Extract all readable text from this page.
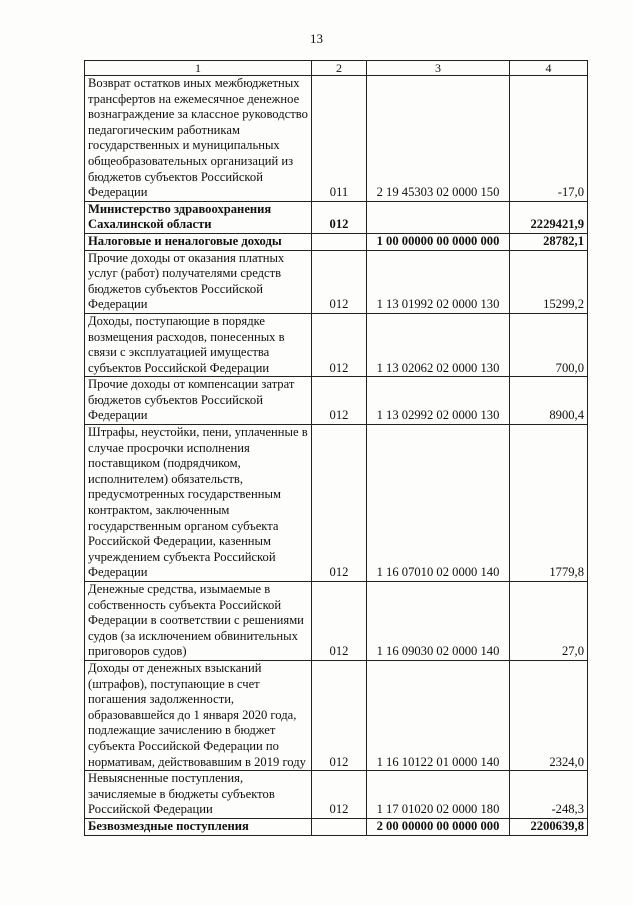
13
1	2	3	4
Возврат остатков иных межбюджетных трансфертов на ежемесячное денежное вознаграждение за классное руководство педагогическим работникам государственных и муниципальных общеобразовательных организаций из бюджетов субъектов Российской Федерации	011	2 19 45303 02 0000 150	-17,0
Министерство здравоохранения Сахалинской области	012		2229421,9
Налоговые и неналоговые доходы		1 00 00000 00 0000 000	28782,1
Прочие доходы от оказания платных услуг (работ) получателями средств бюджетов субъектов Российской Федерации	012	1 13 01992 02 0000 130	15299,2
Доходы, поступающие в порядке возмещения расходов, понесенных в связи с эксплуатацией имущества субъектов Российской Федерации	012	1 13 02062 02 0000 130	700,0
Прочие доходы от компенсации затрат бюджетов субъектов Российской Федерации	012	1 13 02992 02 0000 130	8900,4
Штрафы, неустойки, пени, уплаченные в случае просрочки исполнения поставщиком (подрядчиком, исполнителем) обязательств, предусмотренных государственным контрактом, заключенным государственным органом субъекта Российской Федерации, казенным учреждением субъекта Российской Федерации	012	1 16 07010 02 0000 140	1779,8
Денежные средства, изымаемые в собственность субъекта Российской Федерации в соответствии с решениями судов (за исключением обвинительных приговоров судов)	012	1 16 09030 02 0000 140	27,0
Доходы от денежных взысканий (штрафов), поступающие в счет погашения задолженности, образовавшейся до 1 января 2020 года, подлежащие зачислению в бюджет субъекта Российской Федерации по нормативам, действовавшим в 2019 году	012	1 16 10122 01 0000 140	2324,0
Невыясненные поступления, зачисляемые в бюджеты субъектов Российской Федерации	012	1 17 01020 02 0000 180	-248,3
Безвозмездные поступления		2 00 00000 00 0000 000	2200639,8
